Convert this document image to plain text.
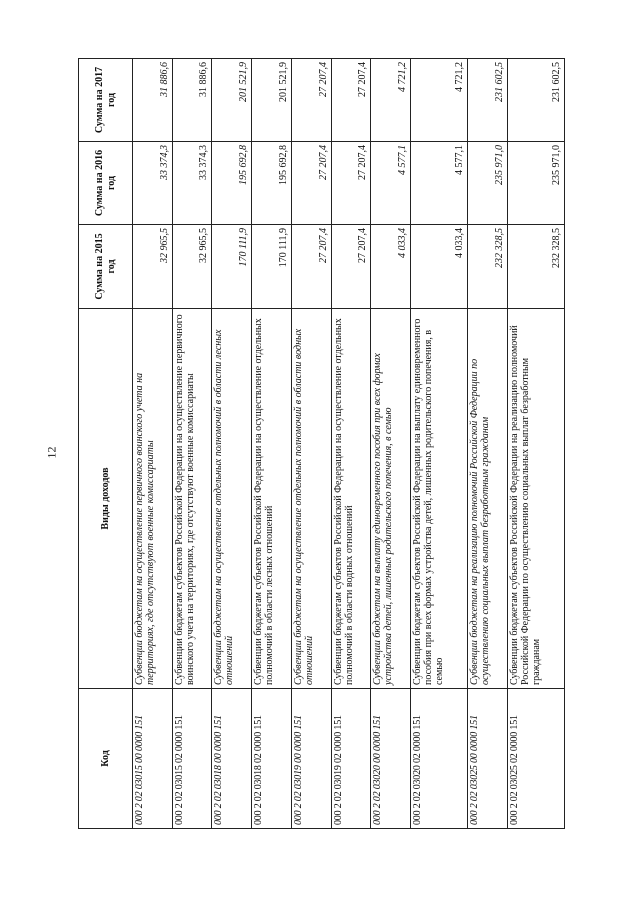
12
Код	Виды доходов	Сумма на 2015 год	Сумма на 2016 год	Сумма на 2017 год
000 2 02 03015 00 0000 151	Субвенции бюджетам на осуществление первичного воинского учета на территориях, где отсутствуют военные комиссариаты	32 965,5	33 374,3	31 886,6
000 2 02 03015 02 0000 151	Субвенции бюджетам субъектов Российской Федерации на осуществление первичного воинского учета на территориях, где отсутствуют военные комиссариаты	32 965,5	33 374,3	31 886,6
000 2 02 03018 00 0000 151	Субвенции бюджетам на осуществление отдельных полномочий в области лесных отношений	170 111,9	195 692,8	201 521,9
000 2 02 03018 02 0000 151	Субвенции бюджетам субъектов Российской Федерации на осуществление отдельных полномочий в области лесных отношений	170 111,9	195 692,8	201 521,9
000 2 02 03019 00 0000 151	Субвенции бюджетам на осуществление отдельных полномочий в области водных отношений	27 207,4	27 207,4	27 207,4
000 2 02 03019 02 0000 151	Субвенции бюджетам субъектов Российской Федерации на осуществление отдельных полномочий в области водных отношений	27 207,4	27 207,4	27 207,4
000 2 02 03020 00 0000 151	Субвенции бюджетам на выплату единовременного пособия при всех формах устройства детей, лишенных родительского попечения, в семью	4 033,4	4 577,1	4 721,2
000 2 02 03020 02 0000 151	Субвенции бюджетам субъектов Российской Федерации на выплату единовременного пособия при всех формах устройства детей, лишенных родительского попечения, в семью	4 033,4	4 577,1	4 721,2
000 2 02 03025 00 0000 151	Субвенции бюджетам на реализацию полномочий Российской Федерации по осуществлению социальных выплат безработным гражданам	232 328,5	235 971,0	231 602,5
000 2 02 03025 02 0000 151	Субвенции бюджетам субъектов Российской Федерации на реализацию полномочий Российской Федерации по осуществлению социальных выплат безработным гражданам	232 328,5	235 971,0	231 602,5
